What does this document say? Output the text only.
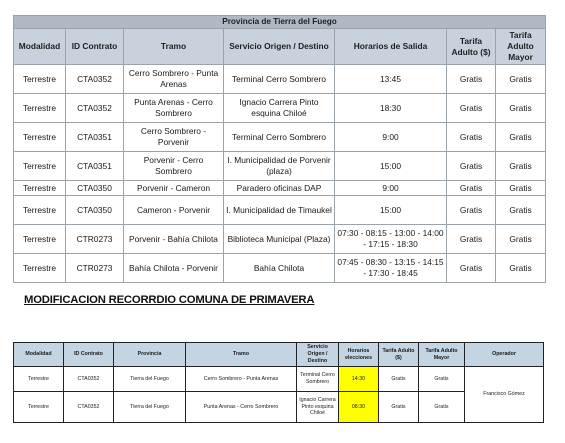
Provincia de Tierra del Fuego						
Modalidad	ID Contrato	Tramo	Servicio Origen / Destino	Horarios de Salida	Tarifa Adulto ($)	Tarifa Adulto Mayor
Terrestre	CTA0352	Cerro Sombrero - Punta Arenas	Terminal Cerro Sombrero	13:45	Gratis	Gratis
Terrestre	CTA0352	Punta Arenas - Cerro Sombrero	Ignacio Carrera Pinto esquina Chiloé	18:30	Gratis	Gratis
Terrestre	CTA0351	Cerro Sombrero - Porvenir	Terminal Cerro Sombrero	9:00	Gratis	Gratis
Terrestre	CTA0351	Porvenir - Cerro Sombrero	I. Municipalidad de Porvenir (plaza)	15:00	Gratis	Gratis
Terrestre	CTA0350	Porvenir - Cameron	Paradero oficinas DAP	9:00	Gratis	Gratis
Terrestre	CTA0350	Cameron - Porvenir	I. Municipalidad de Timaukel	15:00	Gratis	Gratis
Terrestre	CTR0273	Porvenir - Bahía Chilota	Biblioteca Municipal (Plaza)	07:30 - 08:15 - 13:00 - 14:00 - 17:15 - 18:30	Gratis	Gratis
Terrestre	CTR0273	Bahía Chilota - Porvenir	Bahía Chilota	07:45 - 08:30 - 13:15 - 14:15 - 17:30 - 18:45	Gratis	Gratis
MODIFICACION RECORRDIO COMUNA DE PRIMAVERA
Modalidad	ID Contrato	Provincia	Tramo	Servicio Origen / Destino	Horarios elecciones	Tarifa Adulto ($)	Tarifa Adulto Mayor	Operador
Terrestre	CTA0352	Tierra del Fuego	Cerro Sombrero - Punta Arenas	Terminal Cerro Sombrero	14:30	Gratis	Gratis	Francisco Gómez
Terrestre	CTA0352	Tierra del Fuego	Punta Arenas - Cerro Sombrero	Ignacio Carrera Pinto esquina Chiloé	08:30	Gratis	Gratis	
